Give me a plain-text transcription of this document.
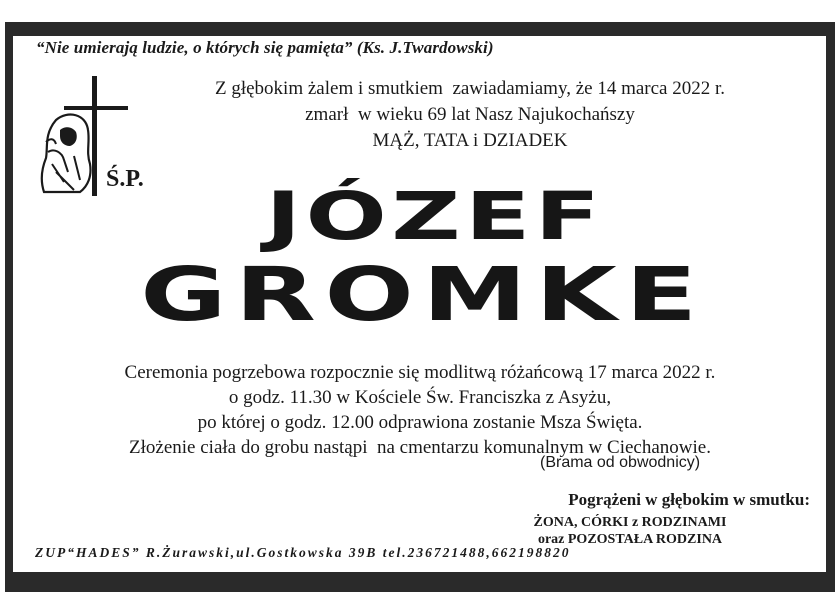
“Nie umierają ludzie, o których się pamięta” (Ks. J.Twardowski)
Z głębokim żalem i smutkiem  zawiadamiamy, że 14 marca 2022 r.
zmarł  w wieku 69 lat Nasz Najukochańszy
MĄŻ, TATA i DZIADEK
Ś.P.	JÓZEF
GROMKE
Ceremonia pogrzebowa rozpocznie się modlitwą różańcową 17 marca 2022 r.
o godz. 11.30 w Kościele Św. Franciszka z Asyżu,
po której o godz. 12.00 odprawiona zostanie Msza Święta.
Złożenie ciała do grobu nastąpi  na cmentarzu komunalnym w Ciechanowie.
(Brama od obwodnicy)
Pogrążeni w głębokim w smutku:
ŻONA, CÓRKI z RODZINAMI
oraz POZOSTAŁA RODZINA
ZUP“HADES” R.Żurawski,ul.Gostkowska 39B tel.236721488,662198820
